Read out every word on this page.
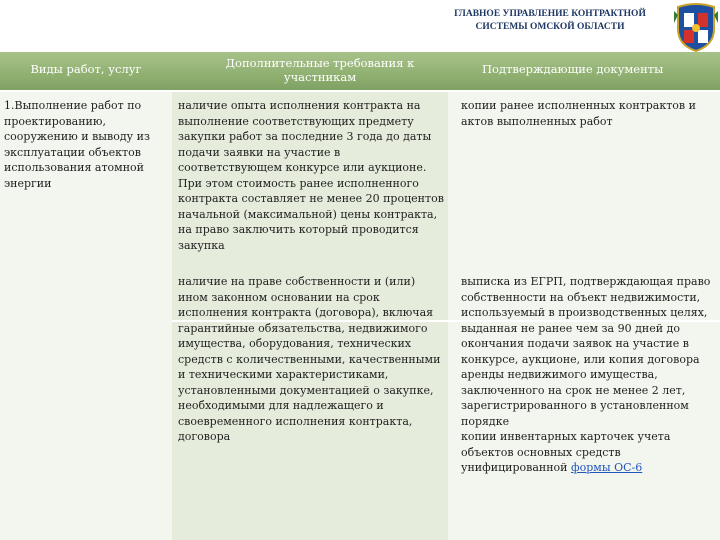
ГЛАВНОЕ УПРАВЛЕНИЕ КОНТРАКТНОЙ
СИСТЕМЫ ОМСКОЙ ОБЛАСТИ
Виды работ, услуг	Дополнительные требования к участникам
Подтверждающие документы
1.Выполнение работ по проектированию, сооружению и выводу из эксплуатации объектов использования атомной энергии
наличие опыта исполнения контракта на выполнение соответствующих предмету закупки работ за последние 3 года до даты подачи заявки на участие в соответствующем конкурсе или аукционе. При этом стоимость ранее исполненного контракта составляет не менее 20 процентов начальной (максимальной) цены контракта, на право заключить который проводится закупка
копии ранее исполненных контрактов и актов выполненных работ
наличие на праве собственности и (или) ином законном основании на срок исполнения контракта (договора), включая гарантийные обязательства, недвижимого имущества, оборудования, технических средств с количественными, качественными и техническими характеристиками, установленными документацией о закупке, необходимыми для надлежащего и своевременного исполнения контракта, договора
выписка из ЕГРП, подтверждающая право собственности на объект недвижимости, используемый в производственных целях, выданная не ранее чем за 90 дней до окончания подачи заявок на участие в конкурсе, аукционе, или копия договора аренды недвижимого имущества, заключенного на срок не менее 2 лет, зарегистрированного в установленном порядке
копии инвентарных карточек учета объектов основных средств унифицированной формы ОС-6
